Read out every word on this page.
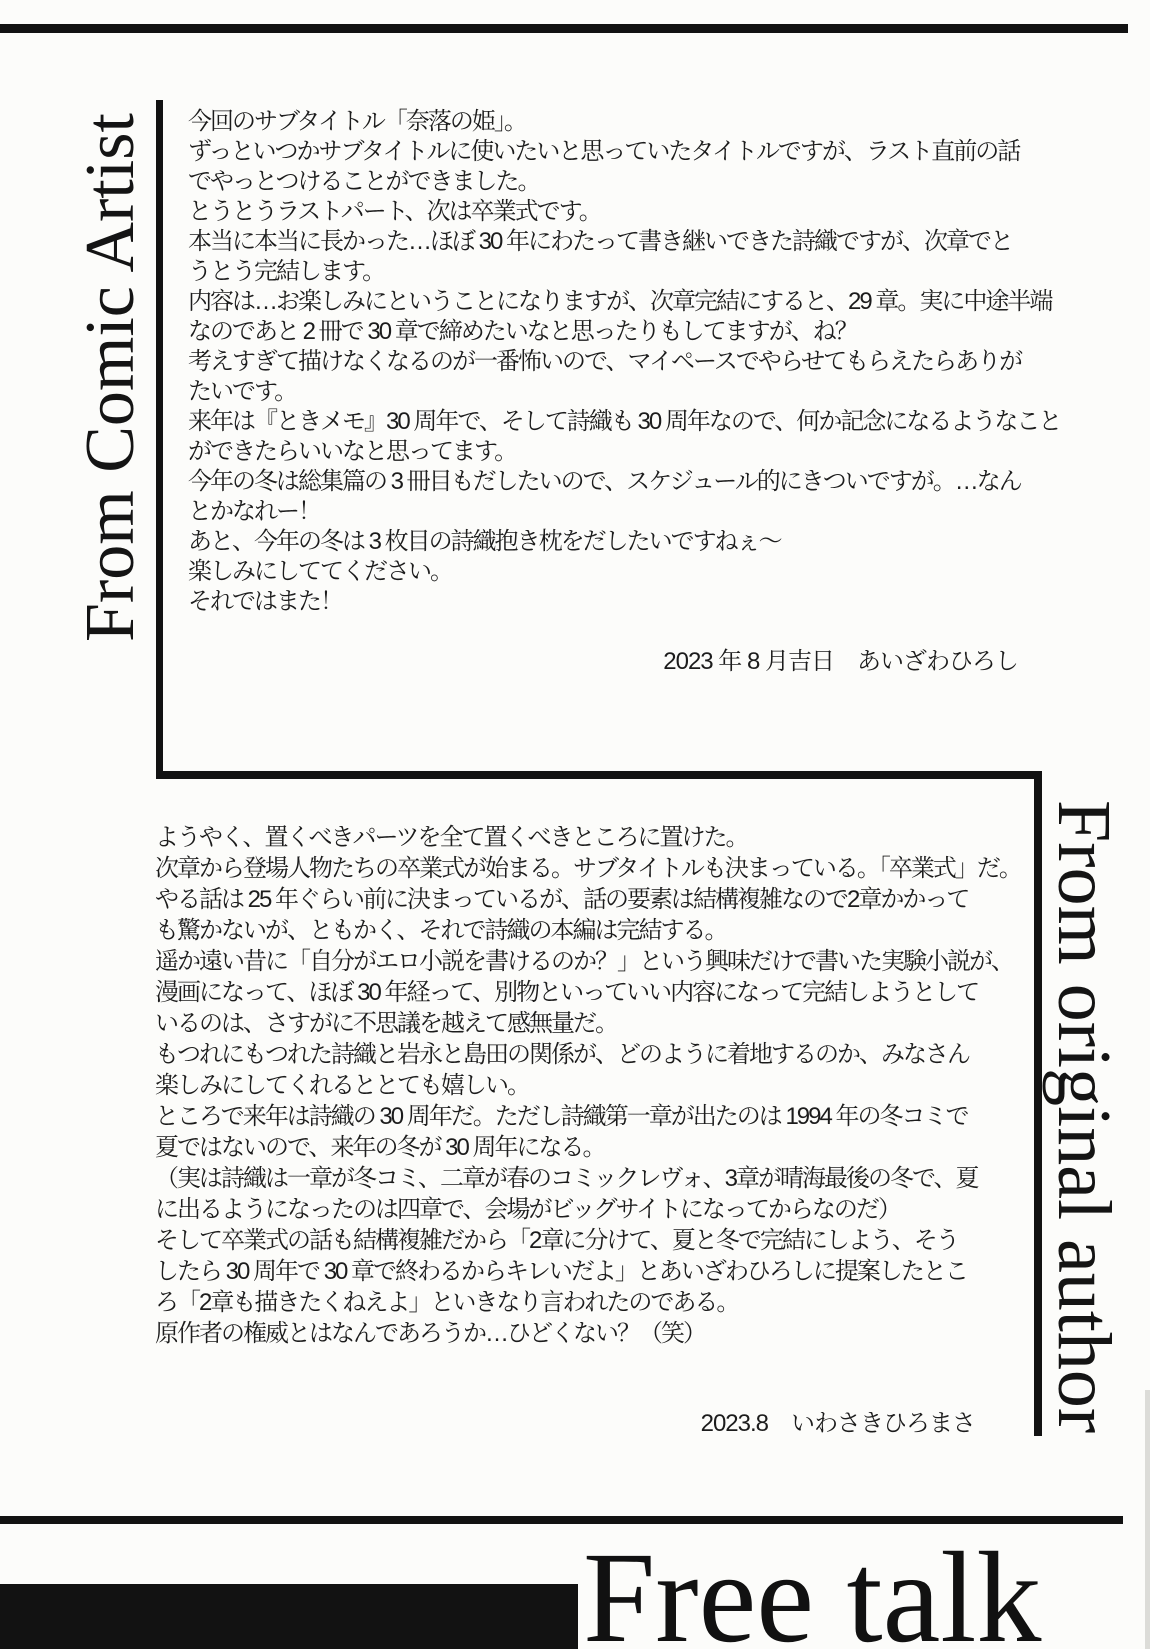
From Comic Artist 今回のサブタイトル「奈落の姫」。
ずっといつかサブタイトルに使いたいと思っていたタイトルですが、ラスト直前の話
でやっとつけることができました。
とうとうラストパート、次は卒業式です。
本当に本当に長かった…ほぼ 30 年にわたって書き継いできた詩織ですが、次章でと
うとう完結します。
内容は…お楽しみにということになりますが、次章完結にすると、29 章。実に中途半端
なのであと 2 冊で 30 章で締めたいなと思ったりもしてますが、ね？
考えすぎて描けなくなるのが一番怖いので、マイペースでやらせてもらえたらありが
たいです。
来年は『ときメモ』30 周年で、そして詩織も 30 周年なので、何か記念になるようなこと
ができたらいいなと思ってます。
今年の冬は総集篇の 3 冊目もだしたいので、スケジュール的にきついですが。…なん
とかなれー！
あと、今年の冬は 3 枚目の詩織抱き枕をだしたいですねぇ～
楽しみにしててください。
それではまた！
2023 年 8 月吉日　あいざわひろし
From original author
ようやく、置くべきパーツを全て置くべきところに置けた。
次章から登場人物たちの卒業式が始まる。サブタイトルも決まっている。「卒業式」だ。
やる話は 25 年ぐらい前に決まっているが、話の要素は結構複雑なので2章かかって
も驚かないが、ともかく、それで詩織の本編は完結する。
遥か遠い昔に「自分がエロ小説を書けるのか？」という興味だけで書いた実験小説が、
漫画になって、ほぼ 30 年経って、別物といっていい内容になって完結しようとして
いるのは、さすがに不思議を越えて感無量だ。
もつれにもつれた詩織と岩永と島田の関係が、どのように着地するのか、みなさん
楽しみにしてくれるととても嬉しい。
ところで来年は詩織の 30 周年だ。ただし詩織第一章が出たのは 1994 年の冬コミで
夏ではないので、来年の冬が 30 周年になる。
（実は詩織は一章が冬コミ、二章が春のコミックレヴォ、3章が晴海最後の冬で、夏
に出るようになったのは四章で、会場がビッグサイトになってからなのだ）
そして卒業式の話も結構複雑だから「2章に分けて、夏と冬で完結にしよう、そう
したら 30 周年で 30 章で終わるからキレいだよ」とあいざわひろしに提案したとこ
ろ「2章も描きたくねえよ」といきなり言われたのである。
原作者の権威とはなんであろうか…ひどくない？（笑）
2023.8　いわさきひろまさ
Free talk
